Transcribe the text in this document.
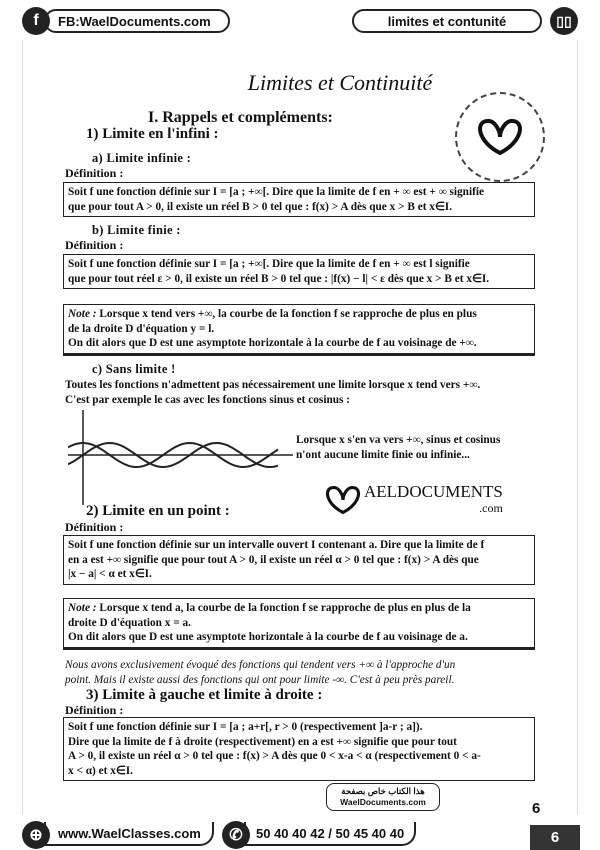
f	FB:WaelDocuments.com	limites et contunité	▯▯
Limites et Continuité
I. Rappels et compléments:
1) Limite en l'infini :
a) Limite infinie :
Définition :
Soit f une fonction définie sur I = [a ; +∞[. Dire que la limite de f en + ∞ est + ∞ signifie
que pour tout A > 0, il existe un réel B > 0 tel que : f(x) > A dès que x > B et x∈I.
b) Limite finie :
Définition :
Soit f une fonction définie sur I = [a ; +∞[. Dire que la limite de f en + ∞ est l signifie
que pour tout réel ε > 0, il existe un réel B > 0 tel que : |f(x) − l| < ε dès que x > B et x∈I.
Note : Lorsque x tend vers +∞, la courbe de la fonction f se rapproche de plus en plus
de la droite D d'équation y = l.
On dit alors que D est une asymptote horizontale à la courbe de f au voisinage de +∞.
c) Sans limite !
Toutes les fonctions n'admettent pas nécessairement une limite lorsque x tend vers +∞.
C'est par exemple le cas avec les fonctions sinus et cosinus :
Lorsque x s'en va vers +∞, sinus et cosinus
n'ont aucune limite finie ou infinie...
AELDOCUMENTS
.com
2) Limite en un point :
Définition :
Soit f une fonction définie sur un intervalle ouvert I contenant a. Dire que la limite de f
en a est +∞ signifie que pour tout A > 0, il existe un réel α > 0 tel que : f(x) > A dès que
|x − a| < α et x∈I.
Note : Lorsque x tend a, la courbe de la fonction f se rapproche de plus en plus de la
droite D d'équation x = a.
On dit alors que D est une asymptote horizontale à la courbe de f au voisinage de a.
Nous avons exclusivement évoqué des fonctions qui tendent vers +∞ à l'approche d'un
point. Mais il existe aussi des fonctions qui ont pour limite -∞. C'est à peu près pareil.
3) Limite à gauche et limite à droite :
Définition :
Soit f une fonction définie sur I = [a ; a+r[, r > 0 (respectivement ]a-r ; a]).
Dire que la limite de f à droite (respectivement) en a est +∞ signifie que pour tout
A > 0, il existe un réel α > 0 tel que : f(x) > A dès que 0 < x-a < α (respectivement 0 < a-
x < α) et x∈I.
هذا الكتاب خاص بصفحة
WaelDocuments.com	6
⊕	www.WaelClasses.com	✆	50 40 40 42 / 50 45 40 40	6
